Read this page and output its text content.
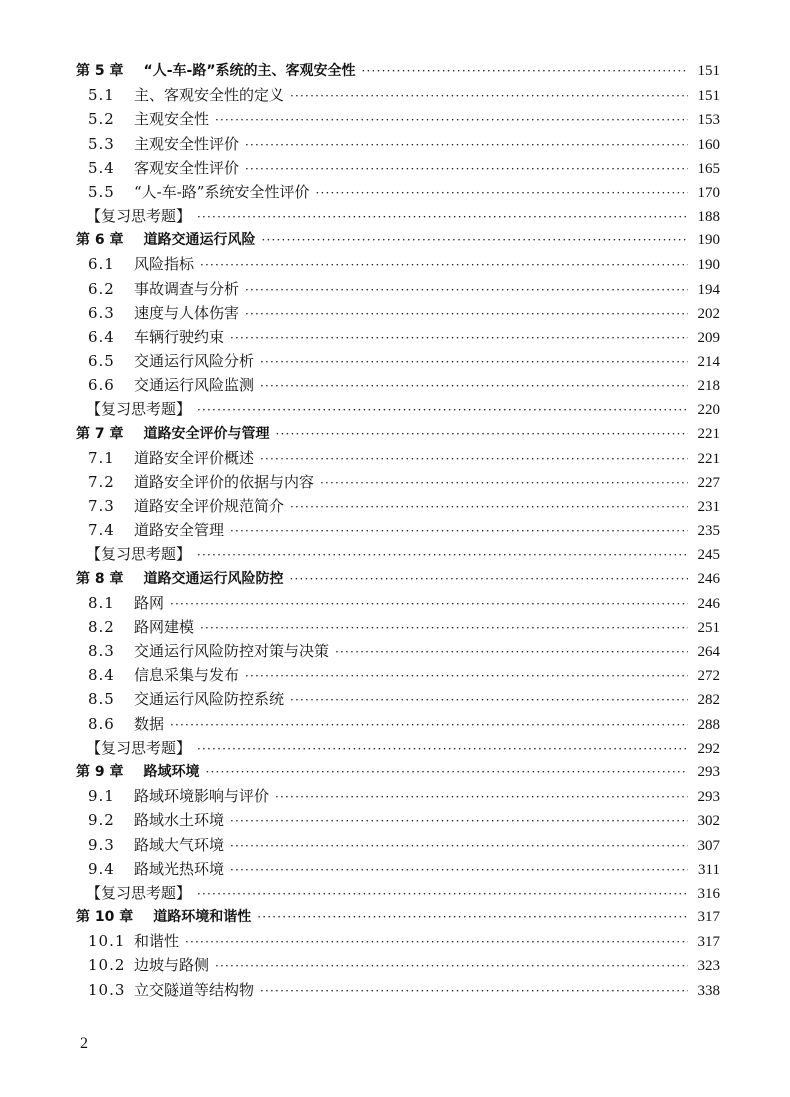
第 5 章 “人-车-路”系统的主、客观安全性 ·····	151
5.1	主、客观安全性的定义 ·····	151
5.2	主观安全性 ·····	153
5.3	主观安全性评价 ·····	160
5.4	客观安全性评价 ·····	165
5.5	“人-车-路”系统安全性评价 ·····	170
【复习思考题】 ·····	188
第 6 章 道路交通运行风险 ·····	190
6.1	风险指标 ·····	190
6.2	事故调查与分析 ·····	194
6.3	速度与人体伤害 ·····	202
6.4	车辆行驶约束 ·····	209
6.5	交通运行风险分析 ·····	214
6.6	交通运行风险监测 ·····	218
【复习思考题】 ·····	220
第 7 章 道路安全评价与管理 ·····	221
7.1	道路安全评价概述 ·····	221
7.2	道路安全评价的依据与内容 ·····	227
7.3	道路安全评价规范简介 ·····	231
7.4	道路安全管理 ·····	235
【复习思考题】 ·····	245
第 8 章 道路交通运行风险防控 ·····	246
8.1	路网 ·····	246
8.2	路网建模 ·····	251
8.3	交通运行风险防控对策与决策 ·····	264
8.4	信息采集与发布 ·····	272
8.5	交通运行风险防控系统 ·····	282
8.6	数据 ·····	288
【复习思考题】 ·····	292
第 9 章 路域环境 ·····	293
9.1	路域环境影响与评价 ·····	293
9.2	路域水土环境 ·····	302
9.3	路域大气环境 ·····	307
9.4	路域光热环境 ·····	311
【复习思考题】 ·····	316
第 10 章 道路环境和谐性 ·····	317
10.1 和谐性 ·····	317
10.2 边坡与路侧 ·····	323
10.3 立交隧道等结构物 ·····	338
2
